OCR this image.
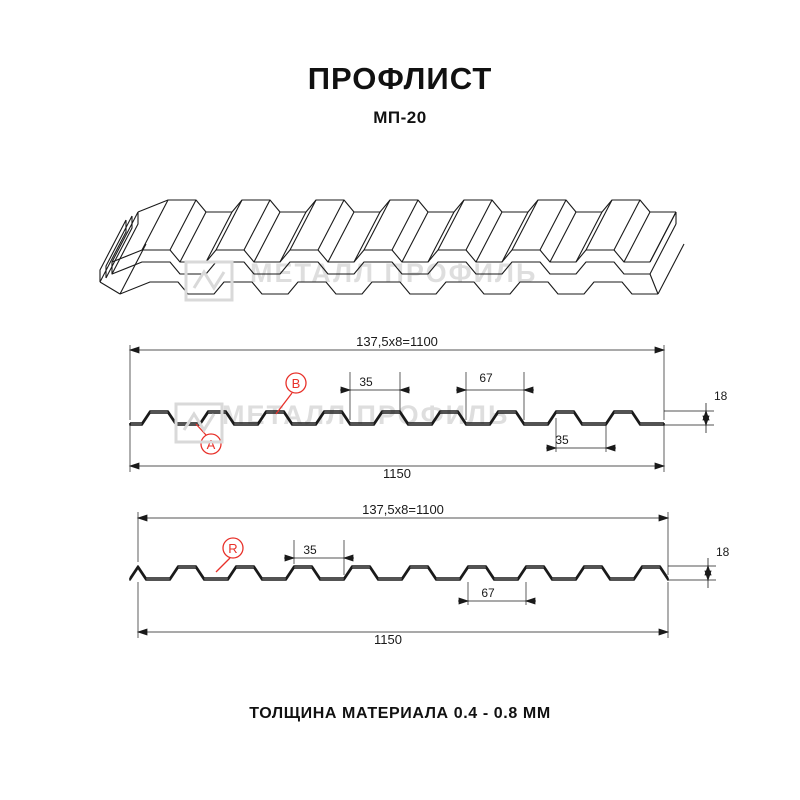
ПРОФЛИСТ
МП-20
МЕТАЛЛ ПРОФИЛЬ
МЕТАЛЛ ПРОФИЛЬ
137,5х8=1100
1150
35	67
35
18
A
B
137,5х8=1100
1150
35
67
18
R
ТОЛЩИНА МАТЕРИАЛА 0.4 - 0.8 ММ
